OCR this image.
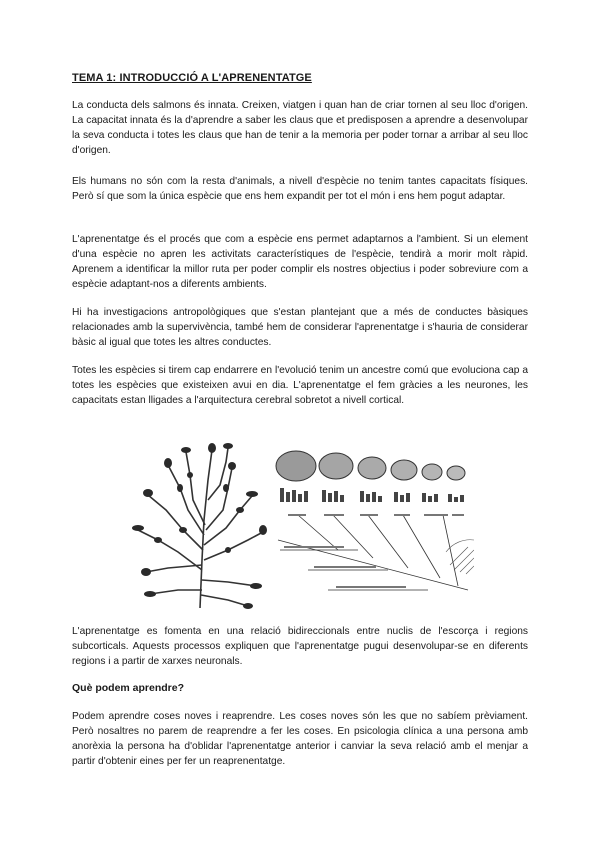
TEMA 1: INTRODUCCIÓ A L'APRENENTATGE

La conducta dels salmons és innata. Creixen, viatgen i quan han de criar tornen al seu lloc d'origen. La capacitat innata és la d'aprendre a saber les claus que et predisposen a aprendre a desenvolupar la seva conducta i totes les claus que han de tenir a la memoria per poder tornar a arribar al seu lloc d'origen.

Els humans no són com la resta d'animals, a nivell d'espècie no tenim tantes capacitats físiques. Però sí que som la única espècie que ens hem expandit per tot el món i ens hem pogut adaptar.

L'aprenentatge és el procés que com a espècie ens permet adaptarnos a l'ambient. Si un element d'una espècie no apren les activitats característiques de l'espècie, tendirà a morir molt ràpid. Aprenem a identificar la millor ruta per poder complir els nostres objectius i poder sobreviure com a espècie adaptant-nos a diferents ambients.

Hi ha investigacions antropològiques que s'estan plantejant que a més de conductes bàsiques relacionades amb la supervivència, també hem de considerar l'aprenentatge i s'hauria de considerar bàsic al igual que totes les altres conductes.

Totes les espècies si tirem cap endarrere en l'evolució tenim un ancestre comú que evoluciona cap a totes les espècies que existeixen avui en dia. L'aprenentatge el fem gràcies a les neurones, les capacitats estan lligades a l'arquitectura cerebral sobretot a nivell cortical.

L'aprenentatge es fomenta en una relació bidireccionals entre nuclis de l'escorça i regions subcorticals. Aquests processos expliquen que l'aprenentatge pugui desenvolupar-se en diferents regions i a partir de xarxes neuronals.

Què podem aprendre?

Podem aprendre coses noves i reaprendre. Les coses noves són les que no sabíem prèviament. Però nosaltres no parem de reaprendre a fer les coses. En psicologia clínica a una persona amb anorèxia la persona ha d'oblidar l'aprenentatge anterior i canviar la seva relació amb el menjar a partir d'obtenir eines per fer un reaprenentatge.
